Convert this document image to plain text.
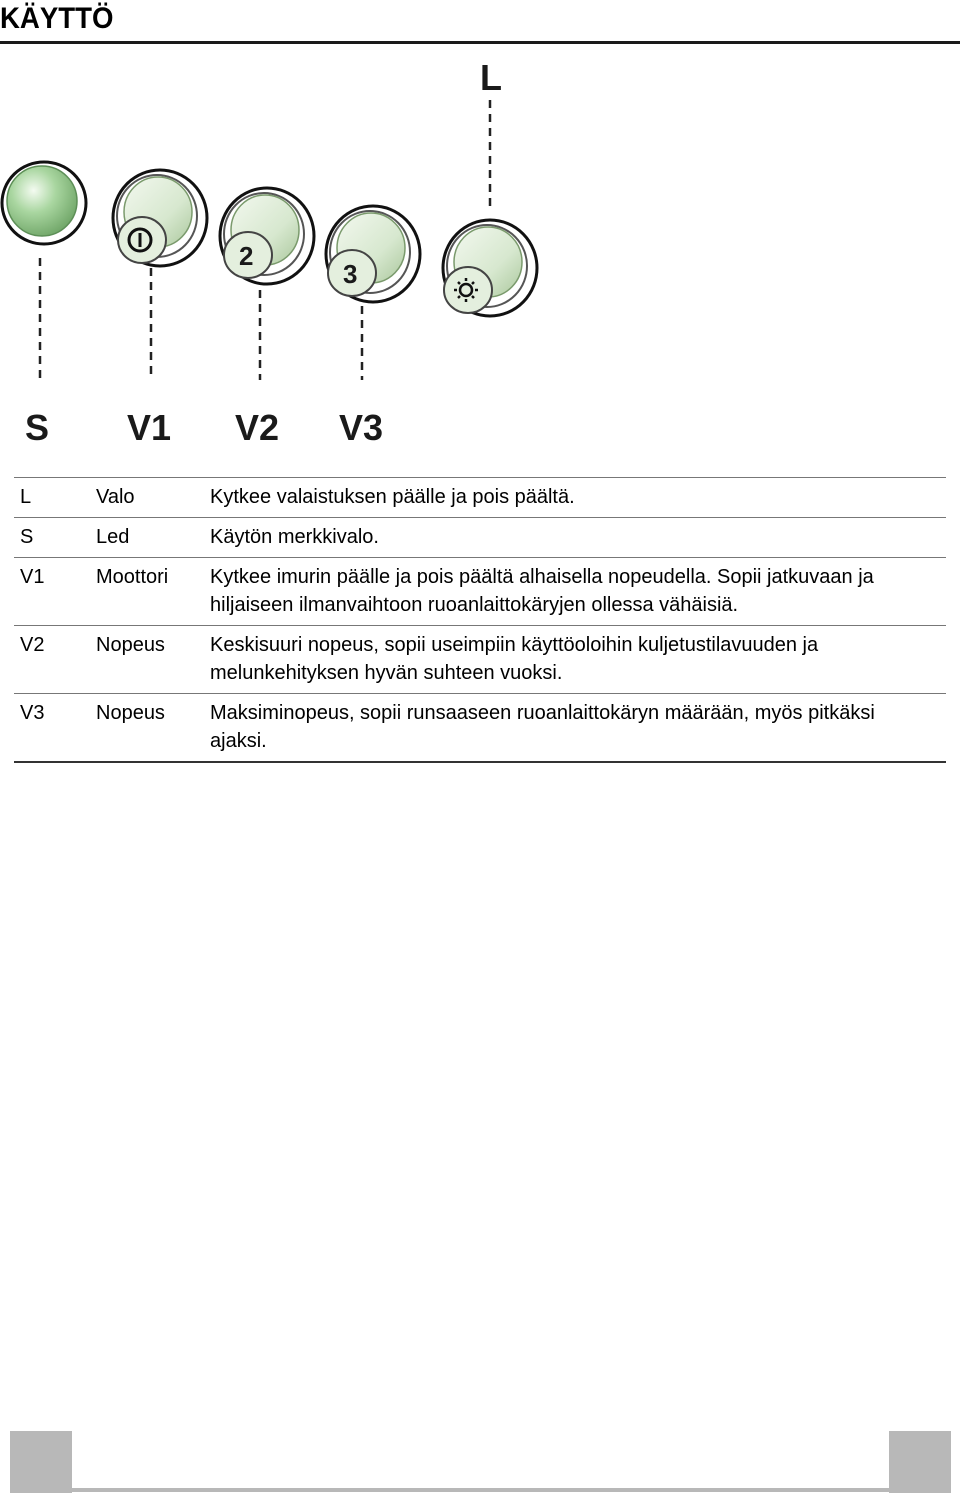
KÄYTTÖ
L
2
3
S V1 V2 V3
L	Valo	Kytkee valaistuksen päälle ja pois päältä.
S	Led	Käytön merkkivalo.
V1	Moottori	Kytkee imurin päälle ja pois päältä alhaisella nopeudella. Sopii jatkuvaan ja hiljaiseen ilmanvaihtoon ruoanlaittokäryjen ollessa vähäisiä.
V2	Nopeus	Keskisuuri nopeus, sopii useimpiin käyttöoloihin kuljetustilavuuden ja melunkehityksen hyvän suhteen vuoksi.
V3	Nopeus	Maksiminopeus, sopii runsaaseen ruoanlaittokäryn määrään, myös pitkäksi ajaksi.
